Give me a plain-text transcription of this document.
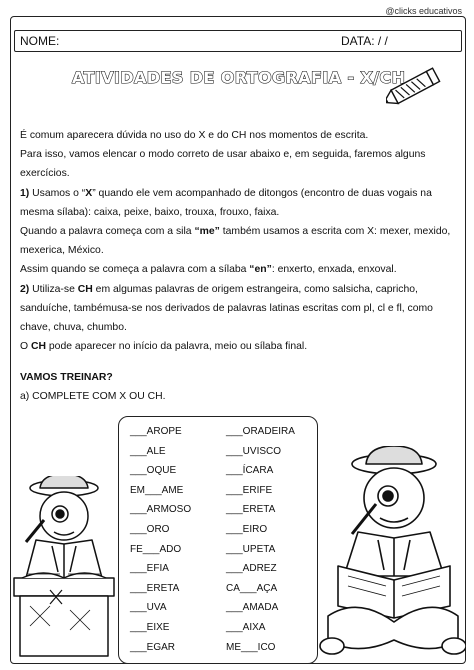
@clicks educativos
NOME:	DATA: / /
ATIVIDADES DE ORTOGRAFIA - X/CH

É comum aparecera dúvida no uso do X e do CH nos momentos de escrita.

Para isso, vamos elencar o modo correto de usar abaixo e, em seguida, faremos alguns exercícios.

1) Usamos o “X” quando ele vem acompanhado de ditongos (encontro de duas vogais na

mesma sílaba): caixa, peixe, baixo, trouxa, frouxo, faixa.

Quando a palavra começa com a sila “me” também usamos a escrita com X: mexer, mexido,

mexerica, México.

Assim quando se começa a palavra com a sílaba “en”: enxerto, enxada, enxoval.

2) Utiliza-se CH em algumas palavras de origem estrangeira, como salsicha, capricho,

sanduíche, tambémusa-se nos derivados de palavras latinas escritas com pl, cl e fl, como

chave, chuva, chumbo.

O CH pode aparecer no início da palavra, meio ou sílaba final.

VAMOS TREINAR?
a) COMPLETE COM X OU CH.
___AROPE
___ALE
___OQUE
EM___AME
___ARMOSO
___ORO
FE___ADO
___EFIA
___ERETA
___UVA
___EIXE
___EGAR
___ORADEIRA
___UVISCO
___ÍCARA
___ERIFE
___ERETA
___EIRO
___UPETA
___ADREZ
CA___AÇA
___AMADA
___AIXA
ME___ICO
